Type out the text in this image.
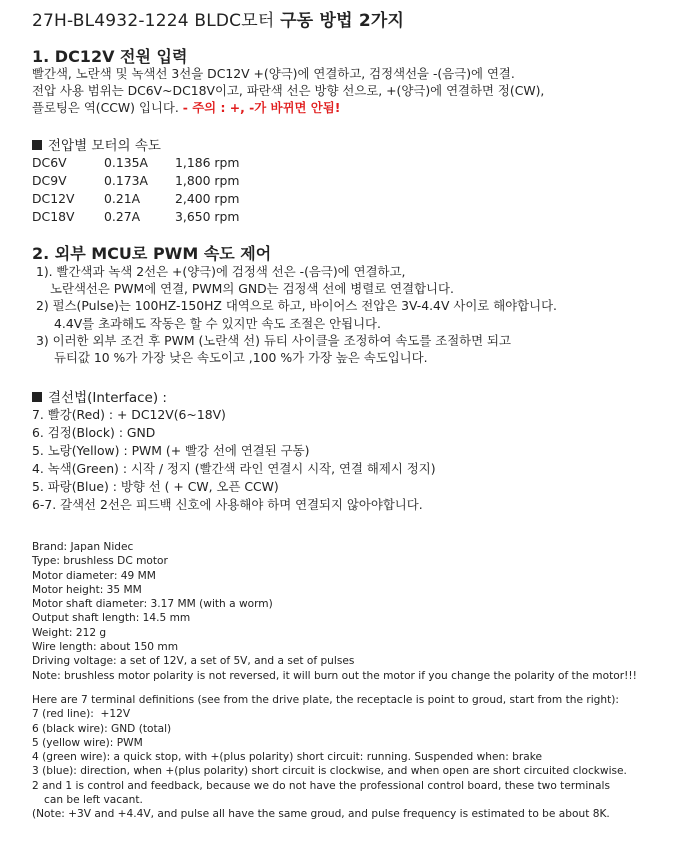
27H-BL4932-1224 BLDC모터 구동 방법 2가지
1. DC12V 전원 입력
빨간색, 노란색 및 녹색선 3선을 DC12V +(양극)에 연결하고, 검정색선을 -(음극)에 연결.
전압 사용 범위는 DC6V~DC18V이고, 파란색 선은 방향 선으로, +(양극)에 연결하면 정(CW),
플로팅은 역(CCW) 입니다. - 주의 : +, -가 바뀌면 안됨!
전압별 모터의 속도
DC6V	0.135A 1,186 rpm
DC9V	0.173A 1,800 rpm
DC12V 0.21A	2,400 rpm
DC18V 0.27A	3,650 rpm
2. 외부 MCU로 PWM 속도 제어
1). 빨간색과 녹색 2선은 +(양극)에 검정색 선은 -(음극)에 연결하고,
노란색선은 PWM에 연결, PWM의 GND는 검정색 선에 병렬로 연결합니다.
2) 펄스(Pulse)는 100HZ-150HZ 대역으로 하고, 바이어스 전압은 3V-4.4V 사이로 해야합니다.
4.4V를 초과해도 작동은 할 수 있지만 속도 조절은 안됩니다.
3) 이러한 외부 조건 후 PWM (노란색 선) 듀티 사이클을 조정하여 속도를 조절하면 되고
듀티값 10 %가 가장 낮은 속도이고 ,100 %가 가장 높은 속도입니다.
결선법(Interface) :
7. 빨강(Red) : + DC12V(6~18V)
6. 검정(Block) : GND
5. 노랑(Yellow) : PWM (+ 빨강 선에 연결된 구동)
4. 녹색(Green) : 시작 / 정지 (빨간색 라인 연결시 시작, 연결 해제시 정지)
5. 파랑(Blue) : 방향 선 ( + CW, 오픈 CCW)
6-7. 갈색선 2선은 피드백 신호에 사용해야 하며 연결되지 않아야합니다.
Brand: Japan Nidec
Type: brushless DC motor
Motor diameter: 49 MM
Motor height: 35 MM
Motor shaft diameter: 3.17 MM (with a worm)
Output shaft length: 14.5 mm
Weight: 212 g
Wire length: about 150 mm
Driving voltage: a set of 12V, a set of 5V, and a set of pulses
Note: brushless motor polarity is not reversed, it will burn out the motor if you change the polarity of the motor!!!
Here are 7 terminal definitions (see from the drive plate, the receptacle is point to groud, start from the right):
7 (red line):  +12V
6 (black wire): GND (total)
5 (yellow wire): PWM
4 (green wire): a quick stop, with +(plus polarity) short circuit: running. Suspended when: brake
3 (blue): direction, when +(plus polarity) short circuit is clockwise, and when open are short circuited clockwise.
2 and 1 is control and feedback, because we do not have the professional control board, these two terminals
can be left vacant.
(Note: +3V and +4.4V, and pulse all have the same groud, and pulse frequency is estimated to be about 8K.
